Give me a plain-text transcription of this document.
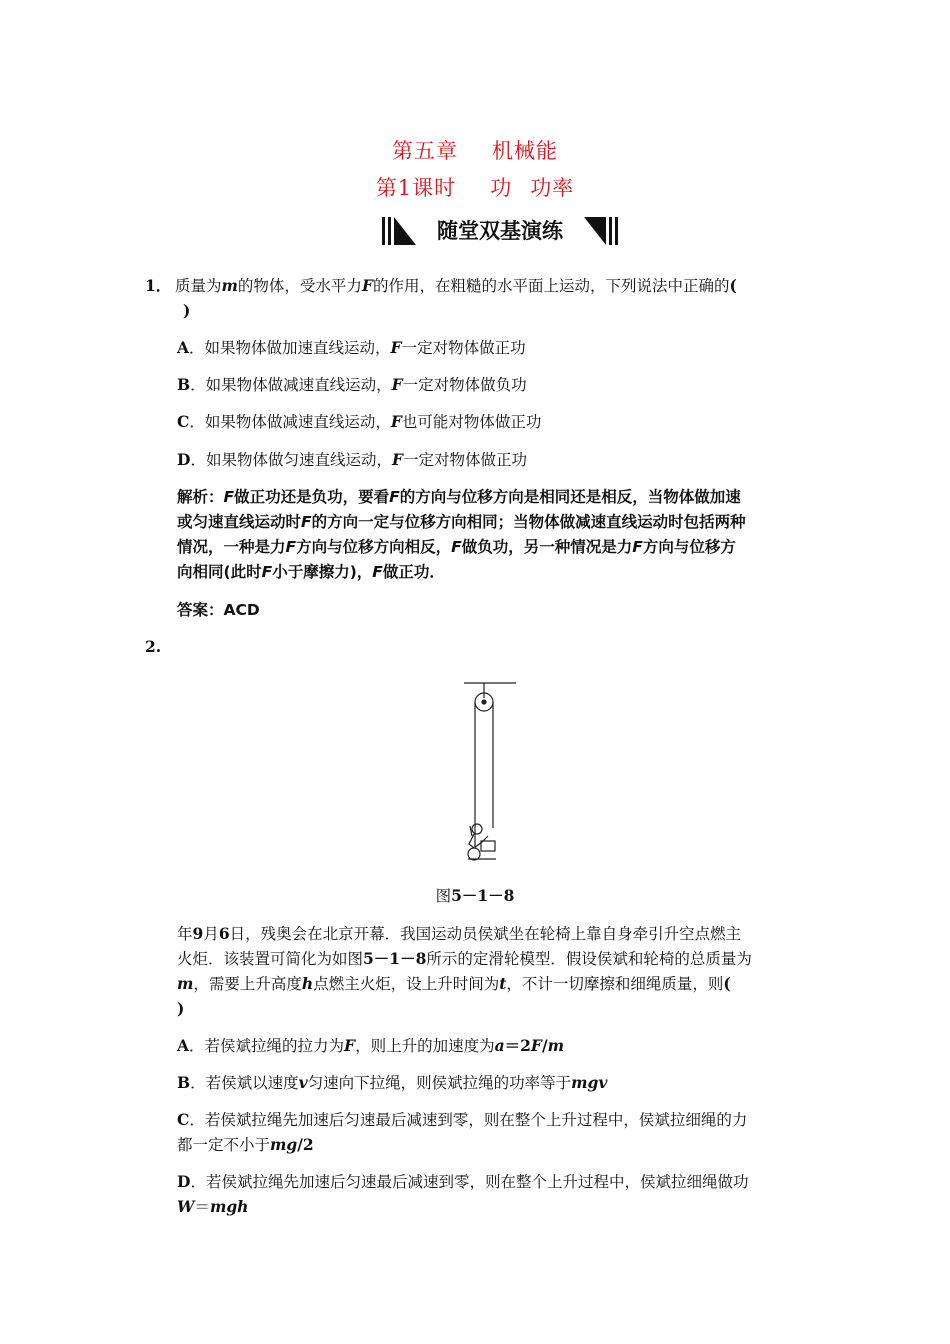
第五章 机械能
第1课时 功 功率
随堂双基演练

1． 质量为m的物体，受水平力F的作用，在粗糙的水平面上运动，下列说法中正确的(

)

A．如果物体做加速直线运动，F一定对物体做正功

B．如果物体做减速直线运动，F一定对物体做负功

C．如果物体做减速直线运动，F也可能对物体做正功

D．如果物体做匀速直线运动，F一定对物体做正功

解析：F做正功还是负功，要看F的方向与位移方向是相同还是相反，当物体做加速

或匀速直线运动时F的方向一定与位移方向相同；当物体做减速直线运动时包括两种

情况，一种是力F方向与位移方向相反，F做负功，另一种情况是力F方向与位移方

向相同(此时F小于摩擦力)，F做正功．

答案：ACD

2.

图5－1－8

年9月6日，残奥会在北京开幕．我国运动员侯斌坐在轮椅上靠自身牵引升空点燃主

火炬．该装置可简化为如图5－1－8所示的定滑轮模型．假设侯斌和轮椅的总质量为

m，需要上升高度h点燃主火炬，设上升时间为t，不计一切摩擦和细绳质量，则(

)

A．若侯斌拉绳的拉力为F，则上升的加速度为a＝2F/m

B．若侯斌以速度v匀速向下拉绳，则侯斌拉绳的功率等于mgv

C．若侯斌拉绳先加速后匀速最后减速到零，则在整个上升过程中，侯斌拉细绳的力

都一定不小于mg/2

D．若侯斌拉绳先加速后匀速最后减速到零，则在整个上升过程中，侯斌拉细绳做功

W＝mgh
